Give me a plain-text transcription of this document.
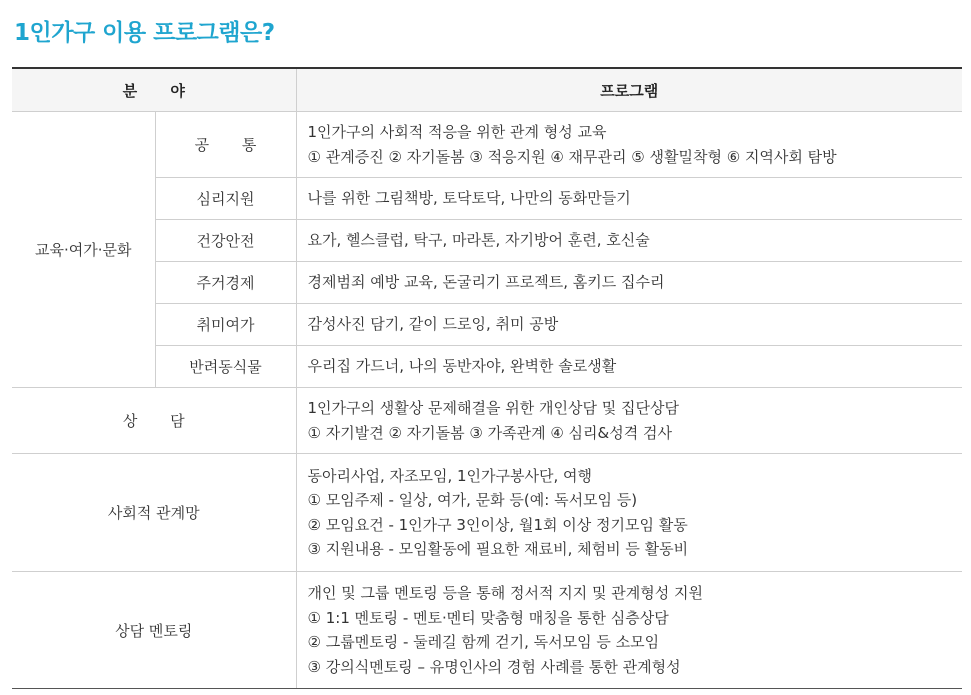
1인가구 이용 프로그램은?
분 야		프로그램
교육·여가·문화	공 통	1인가구의 사회적 적응을 위한 관계 형성 교육
① 관계증진 ② 자기돌봄 ③ 적응지원 ④ 재무관리 ⑤ 생활밀착형 ⑥ 지역사회 탐방

	심리지원	나를 위한 그림책방, 토닥토닥, 나만의 동화만들기

	건강안전	요가, 헬스클럽, 탁구, 마라톤, 자기방어 훈련, 호신술

	주거경제	경제범죄 예방 교육, 돈굴리기 프로젝트, 홈키드 집수리

	취미여가	감성사진 담기, 같이 드로잉, 취미 공방

	반려동식물	우리집 가드너, 나의 동반자야, 완벽한 솔로생활

상 담		1인가구의 생활상 문제해결을 위한 개인상담 및 집단상담
① 자기발견 ② 자기돌봄 ③ 가족관계 ④ 심리&성격 검사

사회적 관계망		동아리사업, 자조모임, 1인가구봉사단, 여행
① 모임주제 - 일상, 여가, 문화 등(예: 독서모임 등)
② 모임요건 - 1인가구 3인이상, 월1회 이상 정기모임 활동
③ 지원내용 - 모임활동에 필요한 재료비, 체험비 등 활동비

상담 멘토링		개인 및 그룹 멘토링 등을 통해 정서적 지지 및 관계형성 지원
① 1:1 멘토링 - 멘토·멘티 맞춤형 매칭을 통한 심층상담
② 그룹멘토링 - 둘레길 함께 걷기, 독서모임 등 소모임
③ 강의식멘토링 – 유명인사의 경험 사례를 통한 관계형성
